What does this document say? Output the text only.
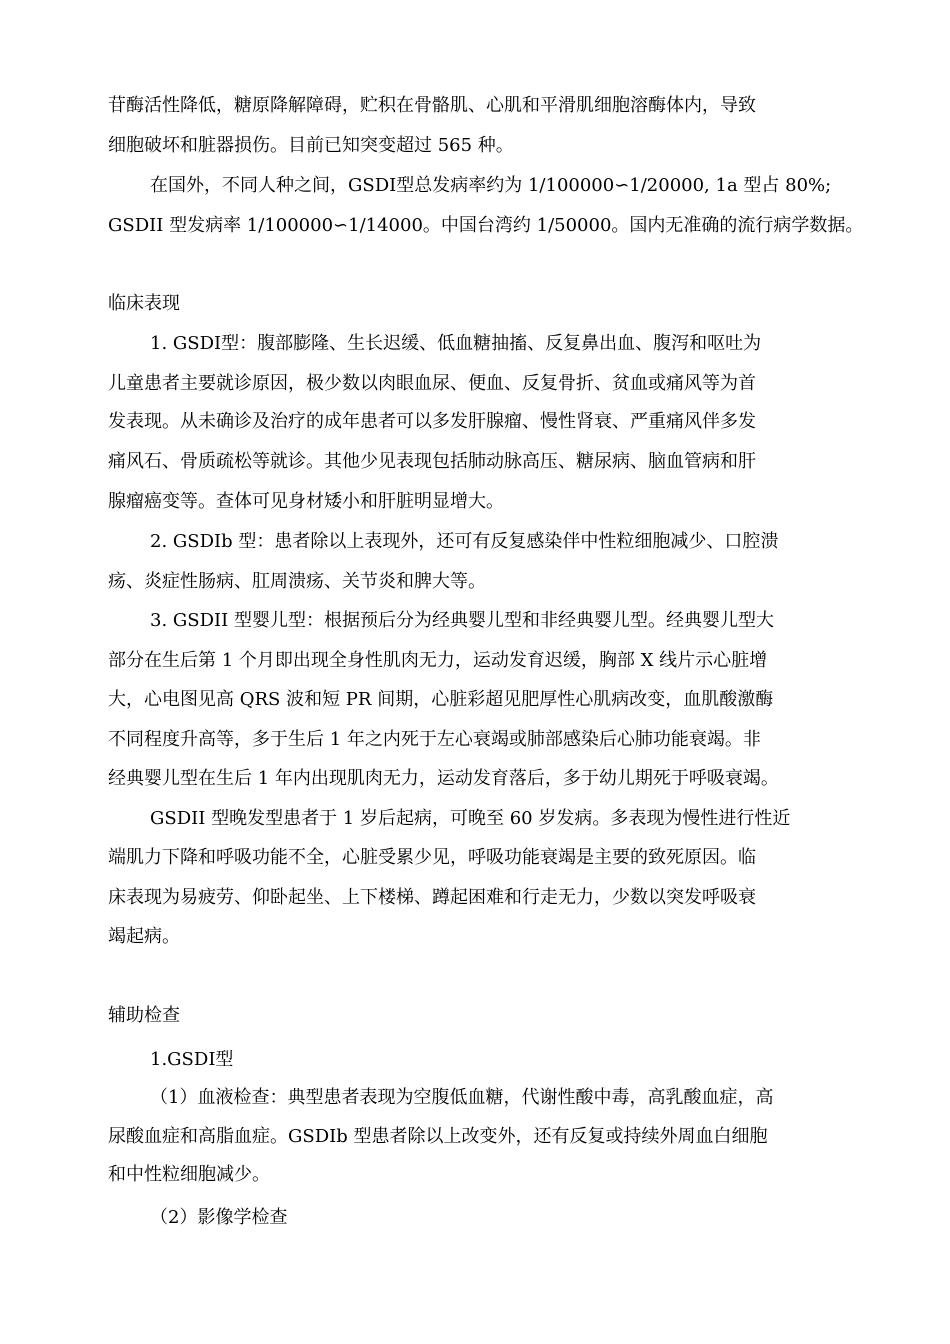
苷酶活性降低，糖原降解障碍，贮积在骨骼肌、心肌和平滑肌细胞溶酶体内，导致

细胞破坏和脏器损伤。目前已知突变超过 565 种。

在国外，不同人种之间，GSDⅠ型总发病率约为 1/100000∽1/20000, 1a 型占 80%;

GSDII 型发病率 1/100000∽1/14000。中国台湾约 1/50000。国内无准确的流行病学数据。

临床表现

1. GSDⅠ型：腹部膨隆、生长迟缓、低血糖抽搐、反复鼻出血、腹泻和呕吐为

儿童患者主要就诊原因，极少数以肉眼血尿、便血、反复骨折、贫血或痛风等为首

发表现。从未确诊及治疗的成年患者可以多发肝腺瘤、慢性肾衰、严重痛风伴多发

痛风石、骨质疏松等就诊。其他少见表现包括肺动脉高压、糖尿病、脑血管病和肝

腺瘤癌变等。查体可见身材矮小和肝脏明显增大。

2. GSDⅠb 型：患者除以上表现外，还可有反复感染伴中性粒细胞减少、口腔溃

疡、炎症性肠病、肛周溃疡、关节炎和脾大等。

3. GSDII 型婴儿型：根据预后分为经典婴儿型和非经典婴儿型。经典婴儿型大

部分在生后第 1 个月即出现全身性肌肉无力，运动发育迟缓，胸部 X 线片示心脏增

大，心电图见高 QRS 波和短 PR 间期，心脏彩超见肥厚性心肌病改变，血肌酸激酶

不同程度升高等，多于生后 1 年之内死于左心衰竭或肺部感染后心肺功能衰竭。非

经典婴儿型在生后 1 年内出现肌肉无力，运动发育落后，多于幼儿期死于呼吸衰竭。

GSDII 型晚发型患者于 1 岁后起病，可晚至 60 岁发病。多表现为慢性进行性近

端肌力下降和呼吸功能不全，心脏受累少见，呼吸功能衰竭是主要的致死原因。临

床表现为易疲劳、仰卧起坐、上下楼梯、蹲起困难和行走无力，少数以突发呼吸衰

竭起病。

辅助检查

1.GSDⅠ型

（1）血液检查：典型患者表现为空腹低血糖，代谢性酸中毒，高乳酸血症，高

尿酸血症和高脂血症。GSDⅠb 型患者除以上改变外，还有反复或持续外周血白细胞

和中性粒细胞减少。

（2）影像学检查
